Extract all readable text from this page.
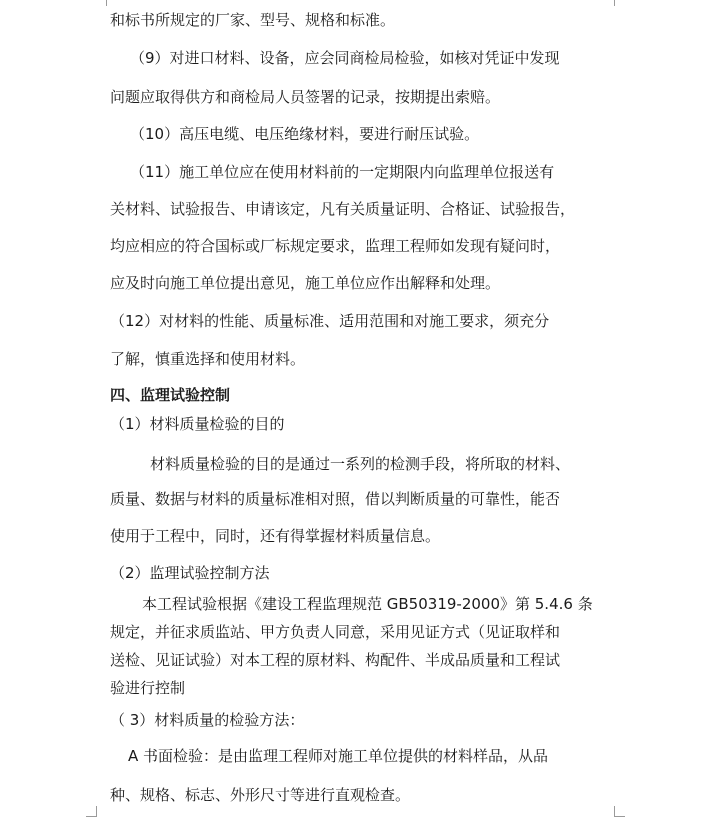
和标书所规定的厂家、型号、规格和标准。
（9）对进口材料、设备，应会同商检局检验，如核对凭证中发现
问题应取得供方和商检局人员签署的记录，按期提出索赔。
（10）高压电缆、电压绝缘材料，要进行耐压试验。
（11）施工单位应在使用材料前的一定期限内向监理单位报送有
关材料、试验报告、申请该定，凡有关质量证明、合格证、试验报告，
均应相应的符合国标或厂标规定要求，监理工程师如发现有疑问时，
应及时向施工单位提出意见，施工单位应作出解释和处理。
（12）对材料的性能、质量标准、适用范围和对施工要求，须充分
了解，慎重选择和使用材料。
四、监理试验控制
（1）材料质量检验的目的
材料质量检验的目的是通过一系列的检测手段，将所取的材料、
质量、数据与材料的质量标准相对照，借以判断质量的可靠性，能否
使用于工程中，同时，还有得掌握材料质量信息。
（2）监理试验控制方法
本工程试验根据《建设工程监理规范 GB50319-2000》第 5.4.6 条
规定，并征求质监站、甲方负责人同意，采用见证方式（见证取样和
送检、见证试验）对本工程的原材料、构配件、半成品质量和工程试
验进行控制
（ 3）材料质量的检验方法：
A 书面检验：是由监理工程师对施工单位提供的材料样品，从品
种、规格、标志、外形尺寸等进行直观检查。
